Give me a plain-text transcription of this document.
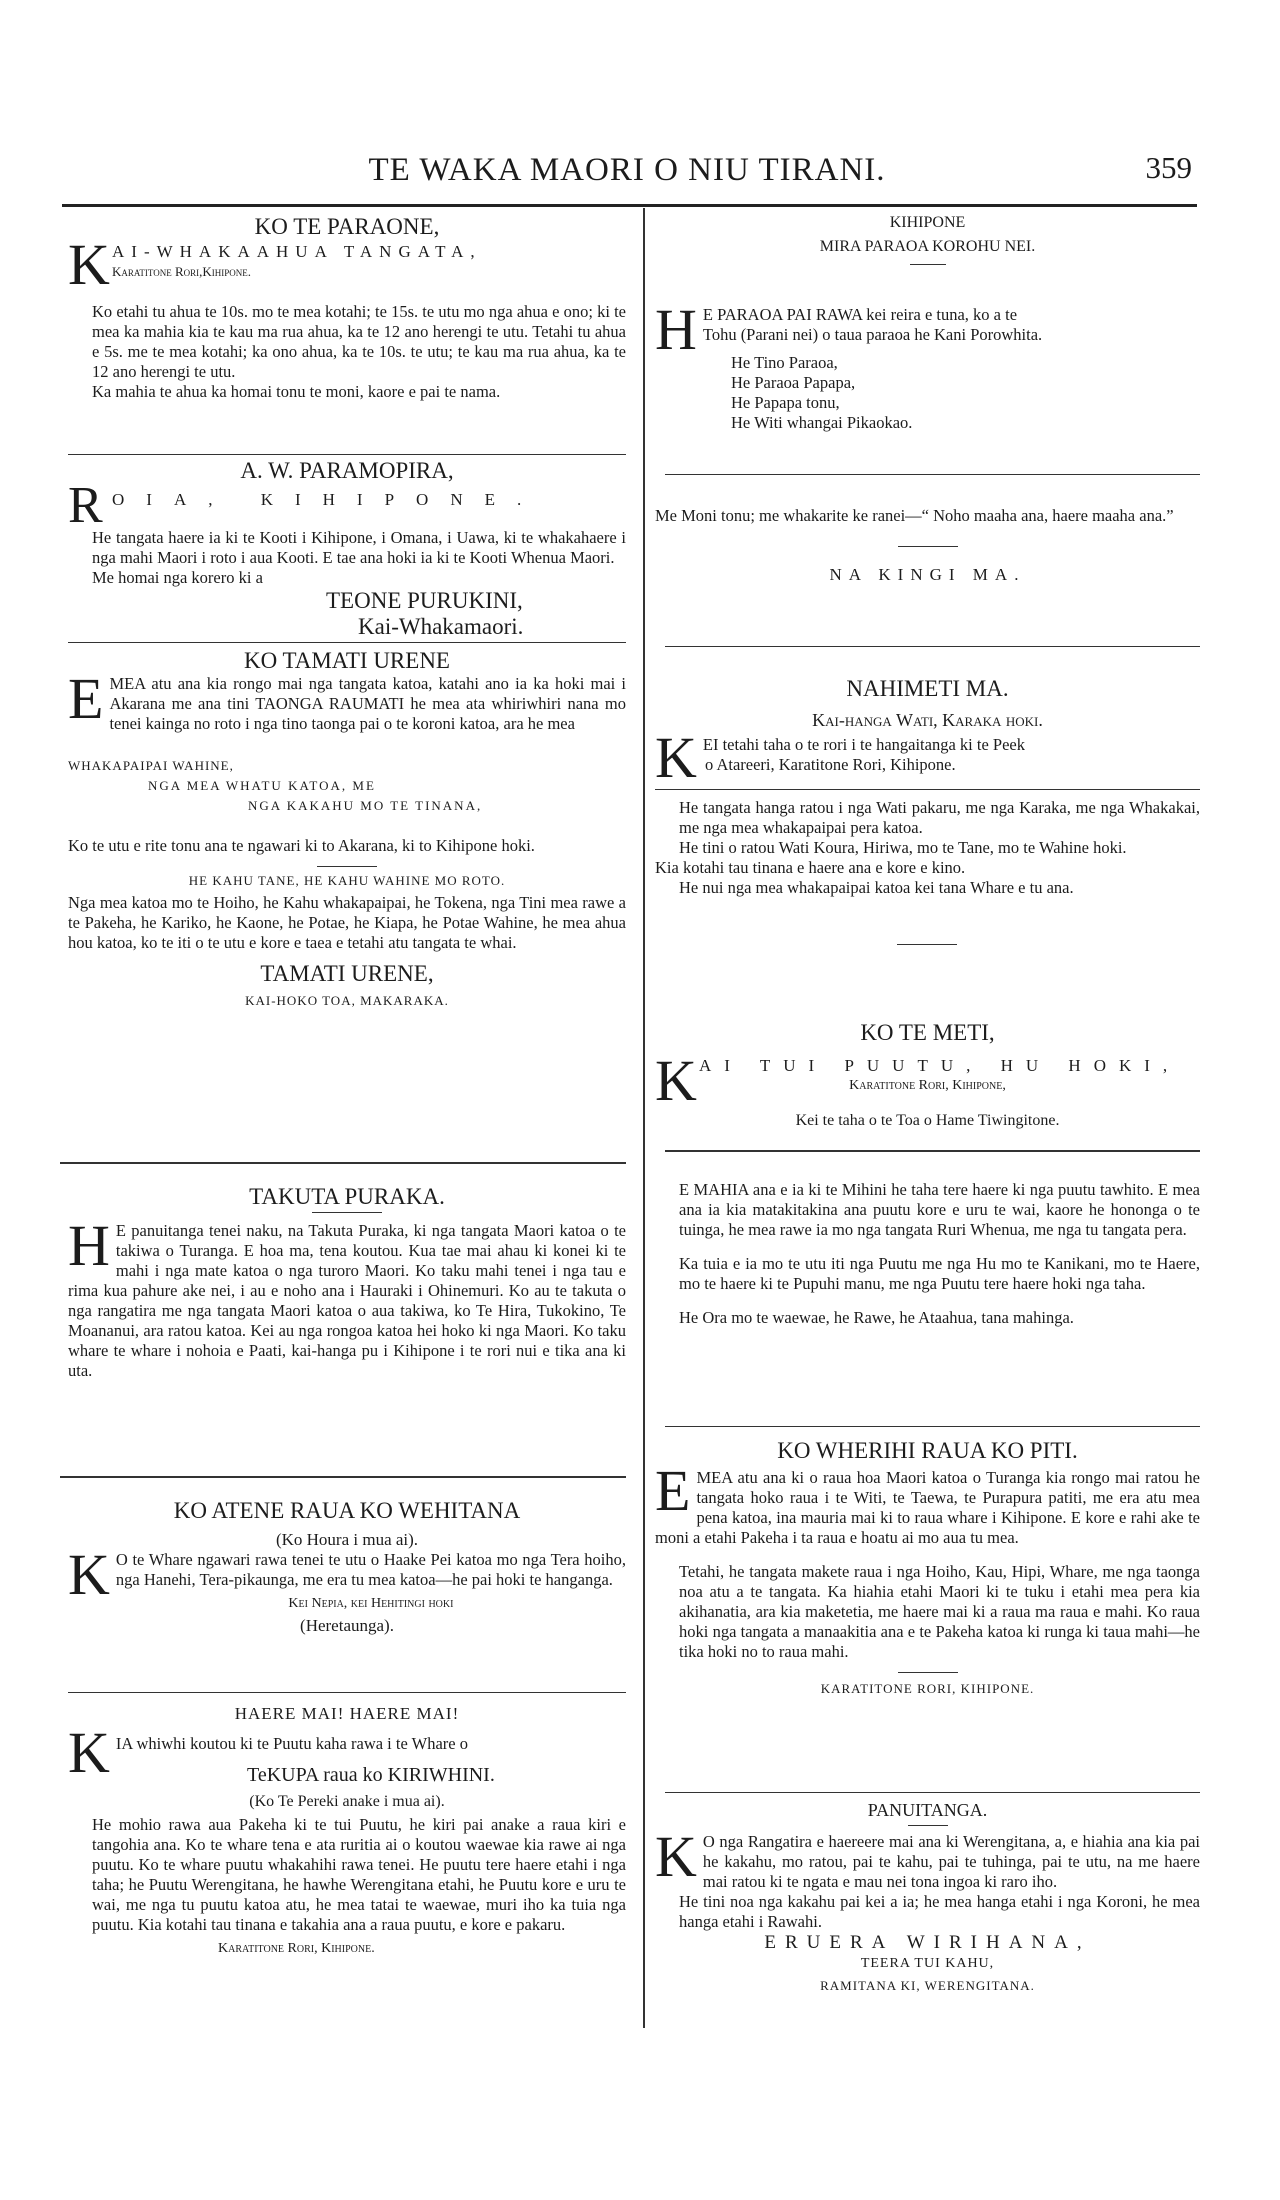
TE WAKA MAORI O NIU TIRANI.	359

KO TE PARAONE,

K AI-WHAKAAHUA TANGATA,

Karatitone Rori,Kihipone.

Ko etahi tu ahua te 10s. mo te mea kotahi; te 15s. te utu mo nga ahua e ono; ki te mea ka mahia kia te kau ma rua ahua, ka te 12 ano herengi te utu. Tetahi tu ahua e 5s. me te mea kotahi; ka ono ahua, ka te 10s. te utu; te kau ma rua ahua, ka te 12 ano herengi te utu.

Ka mahia te ahua ka homai tonu te moni, kaore e pai te nama.

A. W. PARAMOPIRA,

R OIA, KIHIPONE.

He tangata haere ia ki te Kooti i Kihipone, i Omana, i Uawa, ki te whakahaere i nga mahi Maori i roto i aua Kooti. E tae ana hoki ia ki te Kooti Whenua Maori.

Me homai nga korero ki a

TEONE PURUKINI,

Kai-Whakamaori.

KO TAMATI URENE

E MEA atu ana kia rongo mai nga tangata katoa, katahi ano ia ka hoki mai i Akarana me ana tini TAONGA RAUMATI he mea ata whiriwhiri nana mo tenei kainga no roto i nga tino taonga pai o te koroni katoa, ara he mea

WHAKAPAIPAI WAHINE,

NGA MEA WHATU KATOA, ME

NGA KAKAHU MO TE TINANA,

Ko te utu e rite tonu ana te ngawari ki to Akarana, ki to Kihipone hoki.

HE KAHU TANE, HE KAHU WAHINE MO ROTO.

Nga mea katoa mo te Hoiho, he Kahu whakapaipai, he Tokena, nga Tini mea rawe a te Pakeha, he Kariko, he Kaone, he Potae, he Kiapa, he Potae Wahine, he mea ahua hou katoa, ko te iti o te utu e kore e taea e tetahi atu tangata te whai.

TAMATI URENE,

KAI-HOKO TOA, MAKARAKA.

TAKUTA PURAKA.

H E panuitanga tenei naku, na Takuta Puraka, ki nga tangata Maori katoa o te takiwa o Turanga. E hoa ma, tena koutou. Kua tae mai ahau ki konei ki te mahi i nga mate katoa o nga turoro Maori. Ko taku mahi tenei i nga tau e rima kua pahure ake nei, i au e noho ana i Hauraki i Ohinemuri. Ko au te takuta o nga rangatira me nga tangata Maori katoa o aua takiwa, ko Te Hira, Tukokino, Te Moananui, ara ratou katoa. Kei au nga rongoa katoa hei hoko ki nga Maori. Ko taku whare te whare i nohoia e Paati, kai-hanga pu i Kihipone i te rori nui e tika ana ki uta.

KO ATENE RAUA KO WEHITANA

(Ko Houra i mua ai).

K O te Whare ngawari rawa tenei te utu o Haake Pei katoa mo nga Tera hoiho, nga Hanehi, Tera-pikaunga, me era tu mea katoa—he pai hoki te hanganga.

Kei Nepia, kei Hehitingi hoki

(Heretaunga).

HAERE MAI! HAERE MAI!

K IA whiwhi koutou ki te Puutu kaha rawa i te Whare o

TeKUPA raua ko KIRIWHINI.

(Ko Te Pereki anake i mua ai).

He mohio rawa aua Pakeha ki te tui Puutu, he kiri pai anake a raua kiri e tangohia ana. Ko te whare tena e ata ruritia ai o koutou waewae kia rawe ai nga puutu. Ko te whare puutu whakahihi rawa tenei. He puutu tere haere etahi i nga taha; he Puutu Werengitana, he hawhe Werengitana etahi, he Puutu kore e uru te wai, me nga tu puutu katoa atu, he mea tatai te waewae, muri iho ka tuia nga puutu. Kia kotahi tau tinana e takahia ana a raua puutu, e kore e pakaru.

Karatitone Rori, Kihipone.

KIHIPONE

MIRA PARAOA KOROHU NEI.

H E PARAOA PAI RAWA kei reira e tuna, ko a te

Tohu (Parani nei) o taua paraoa he Kani Porowhita.

He Tino Paraoa,

He Paraoa Papapa,

He Papapa tonu,

He Witi whangai Pikaokao.

Me Moni tonu; me whakarite ke ranei—“ Noho maaha ana, haere maaha ana.”

NA KINGI MA.

NAHIMETI MA.

Kai-hanga Wati, Karaka hoki.

K EI tetahi taha o te rori i te hangaitanga ki te Peek

o Atareeri, Karatitone Rori, Kihipone.

He tangata hanga ratou i nga Wati pakaru, me nga Karaka, me nga Whakakai, me nga mea whakapaipai pera katoa.

He tini o ratou Wati Koura, Hiriwa, mo te Tane, mo te Wahine hoki.

Kia kotahi tau tinana e haere ana e kore e kino.

He nui nga mea whakapaipai katoa kei tana Whare e tu ana.

KO TE METI,

K AI TUI PUUTU, HU HOKI,

Karatitone Rori, Kihipone,

Kei te taha o te Toa o Hame Tiwingitone.

E MAHIA ana e ia ki te Mihini he taha tere haere ki nga puutu tawhito. E mea ana ia kia matakitakina ana puutu kore e uru te wai, kaore he hononga o te tuinga, he mea rawe ia mo nga tangata Ruri Whenua, me nga tu tangata pera.

Ka tuia e ia mo te utu iti nga Puutu me nga Hu mo te Kanikani, mo te Haere, mo te haere ki te Pupuhi manu, me nga Puutu tere haere hoki nga taha.

He Ora mo te waewae, he Rawe, he Ataahua, tana mahinga.

KO WHERIHI RAUA KO PITI.

E MEA atu ana ki o raua hoa Maori katoa o Turanga kia rongo mai ratou he tangata hoko raua i te Witi, te Taewa, te Purapura patiti, me era atu mea pena katoa, ina mauria mai ki to raua whare i Kihipone. E kore e rahi ake te moni a etahi Pakeha i ta raua e hoatu ai mo aua tu mea.

Tetahi, he tangata makete raua i nga Hoiho, Kau, Hipi, Whare, me nga taonga noa atu a te tangata. Ka hiahia etahi Maori ki te tuku i etahi mea pera kia akihanatia, ara kia maketetia, me haere mai ki a raua ma raua e mahi. Ko raua hoki nga tangata a manaakitia ana e te Pakeha katoa ki runga ki taua mahi—he tika hoki no to raua mahi.

KARATITONE RORI, KIHIPONE.

PANUITANGA.

K O nga Rangatira e haereere mai ana ki Werengitana, a, e hiahia ana kia pai he kakahu, mo ratou, pai te kahu, pai te tuhinga, pai te utu, na me haere mai ratou ki te ngata e mau nei tona ingoa ki raro iho.

He tini noa nga kakahu pai kei a ia; he mea hanga etahi i nga Koroni, he mea hanga etahi i Rawahi.

ERUERA WIRIHANA,

TEERA TUI KAHU,

RAMITANA KI, WERENGITANA.
